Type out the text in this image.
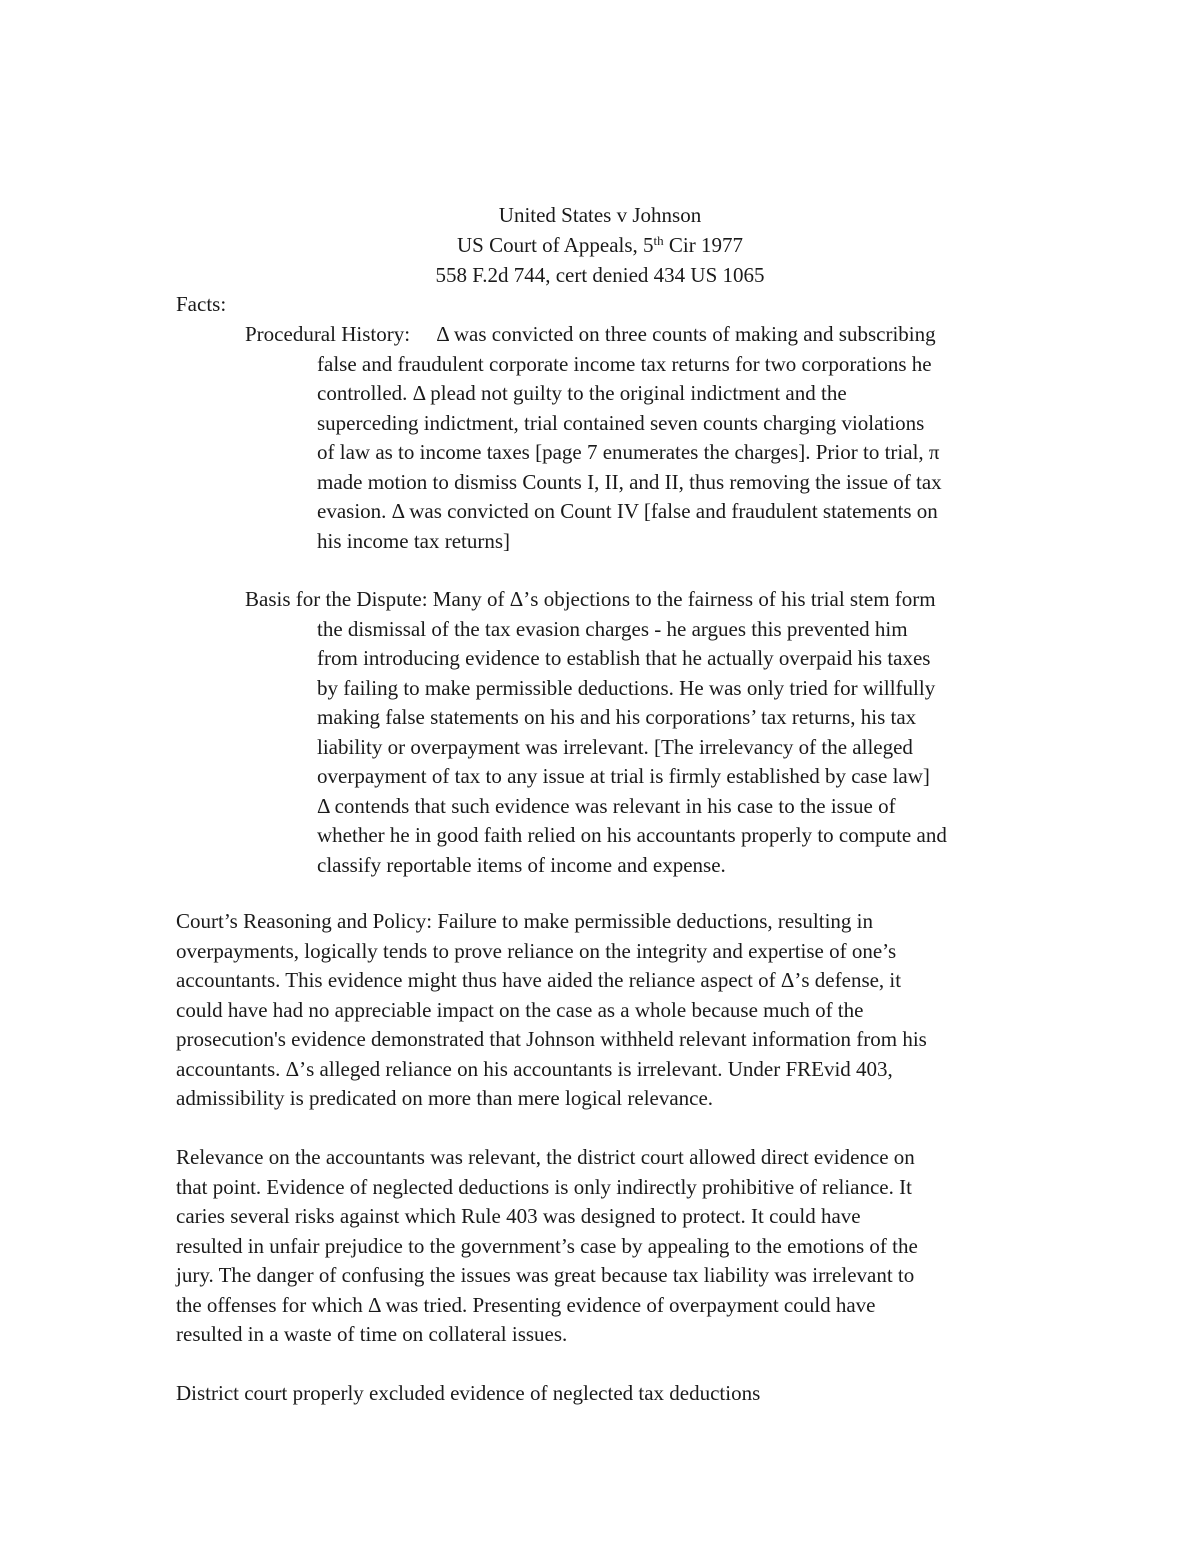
United States v Johnson
US Court of Appeals, 5th Cir 1977
558 F.2d 744, cert denied 434 US 1065
Facts:
Procedural History:     Δ was convicted on three counts of making and subscribing
false and fraudulent corporate income tax returns for two corporations he
controlled. Δ plead not guilty to the original indictment and the
superceding indictment, trial contained seven counts charging violations
of law as to income taxes [page 7 enumerates the charges]. Prior to trial, π
made motion to dismiss Counts I, II, and II, thus removing the issue of tax
evasion. Δ was convicted on Count IV [false and fraudulent statements on
his income tax returns]
Basis for the Dispute: Many of Δ’s objections to the fairness of his trial stem form
the dismissal of the tax evasion charges - he argues this prevented him
from introducing evidence to establish that he actually overpaid his taxes
by failing to make permissible deductions. He was only tried for willfully
making false statements on his and his corporations’ tax returns, his tax
liability or overpayment was irrelevant. [The irrelevancy of the alleged
overpayment of tax to any issue at trial is firmly established by case law]
Δ contends that such evidence was relevant in his case to the issue of
whether he in good faith relied on his accountants properly to compute and
classify reportable items of income and expense.
Court’s Reasoning and Policy: Failure to make permissible deductions, resulting in
overpayments, logically tends to prove reliance on the integrity and expertise of one’s
accountants. This evidence might thus have aided the reliance aspect of Δ’s defense, it
could have had no appreciable impact on the case as a whole because much of the
prosecution's evidence demonstrated that Johnson withheld relevant information from his
accountants. Δ’s alleged reliance on his accountants is irrelevant. Under FREvid 403,
admissibility is predicated on more than mere logical relevance.
Relevance on the accountants was relevant, the district court allowed direct evidence on
that point. Evidence of neglected deductions is only indirectly prohibitive of reliance. It
caries several risks against which Rule 403 was designed to protect. It could have
resulted in unfair prejudice to the government’s case by appealing to the emotions of the
jury. The danger of confusing the issues was great because tax liability was irrelevant to
the offenses for which Δ was tried. Presenting evidence of overpayment could have
resulted in a waste of time on collateral issues.
District court properly excluded evidence of neglected tax deductions
